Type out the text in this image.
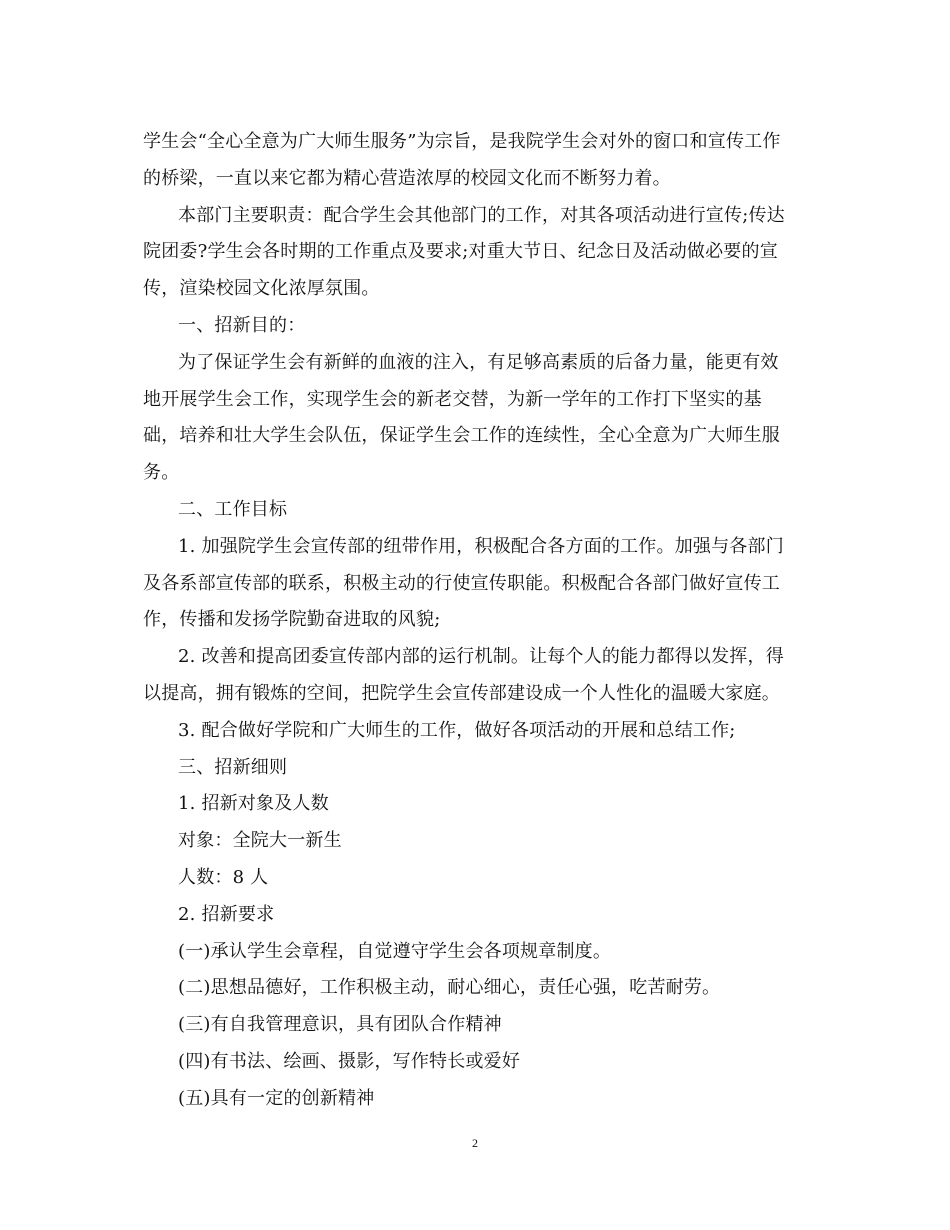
学生会“全心全意为广大师生服务”为宗旨，是我院学生会对外的窗口和宣传工作
的桥梁，一直以来它都为精心营造浓厚的校园文化而不断努力着。
本部门主要职责：配合学生会其他部门的工作，对其各项活动进行宣传;传达
院团委?学生会各时期的工作重点及要求;对重大节日、纪念日及活动做必要的宣
传，渲染校园文化浓厚氛围。
一、招新目的：
为了保证学生会有新鲜的血液的注入，有足够高素质的后备力量，能更有效
地开展学生会工作，实现学生会的新老交替，为新一学年的工作打下坚实的基
础，培养和壮大学生会队伍，保证学生会工作的连续性，全心全意为广大师生服
务。
二、工作目标
1. 加强院学生会宣传部的纽带作用，积极配合各方面的工作。加强与各部门
及各系部宣传部的联系，积极主动的行使宣传职能。积极配合各部门做好宣传工
作，传播和发扬学院勤奋进取的风貌;
2. 改善和提高团委宣传部内部的运行机制。让每个人的能力都得以发挥，得
以提高，拥有锻炼的空间，把院学生会宣传部建设成一个人性化的温暖大家庭。
3. 配合做好学院和广大师生的工作，做好各项活动的开展和总结工作;
三、招新细则
1. 招新对象及人数
对象：全院大一新生
人数：8 人
2. 招新要求
(一)承认学生会章程，自觉遵守学生会各项规章制度。
(二)思想品德好，工作积极主动，耐心细心，责任心强，吃苦耐劳。
(三)有自我管理意识，具有团队合作精神
(四)有书法、绘画、摄影，写作特长或爱好
(五)具有一定的创新精神
2
